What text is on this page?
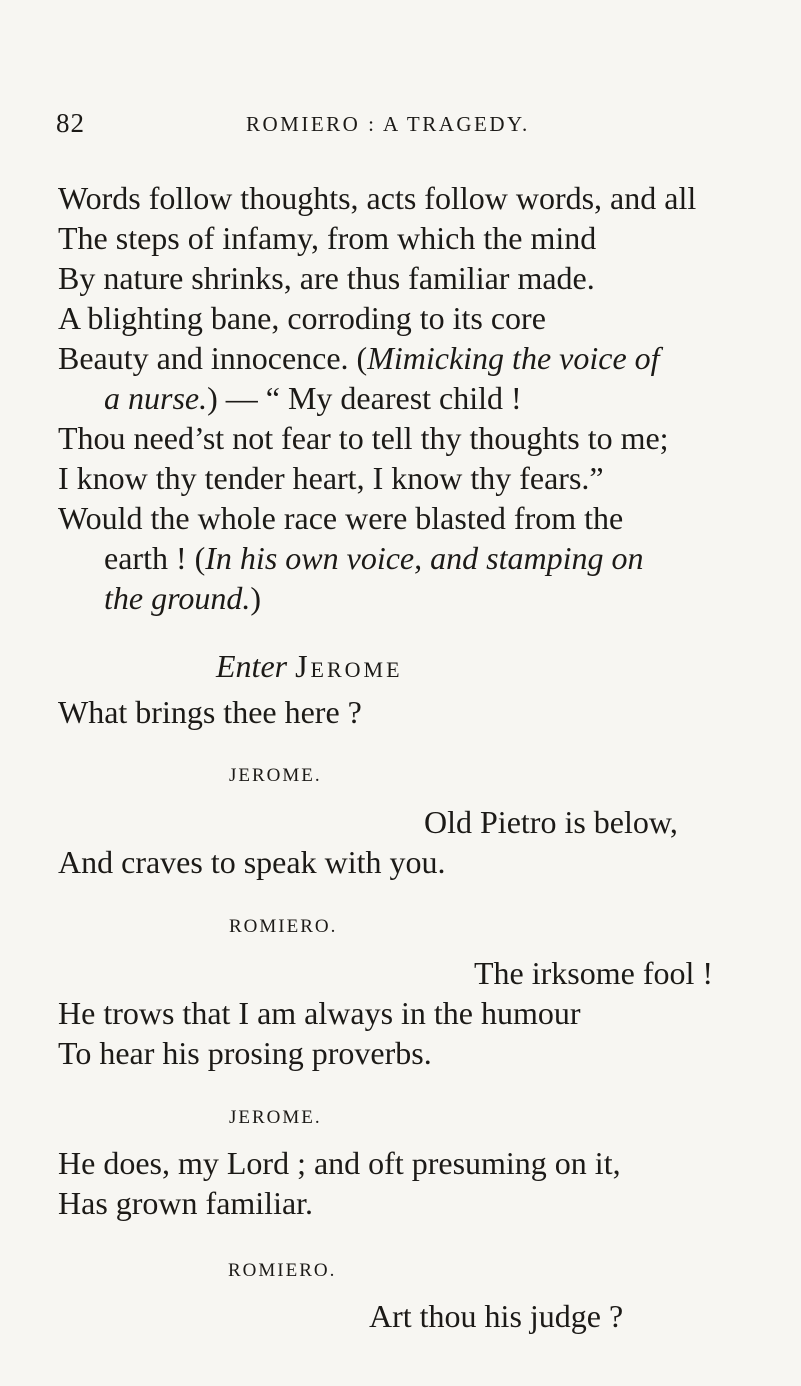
82	ROMIERO : A TRAGEDY.
Words follow thoughts, acts follow words, and all
The steps of infamy, from which the mind
By nature shrinks, are thus familiar made.
A blighting bane, corroding to its core
Beauty and innocence. (Mimicking the voice of
a nurse.) — “ My dearest child !
Thou need’st not fear to tell thy thoughts to me;
I know thy tender heart, I know thy fears.”
Would the whole race were blasted from the
earth ! (In his own voice, and stamping on
the ground.)
Enter Jerome
What brings thee here ?
JEROME.
Old Pietro is below,
And craves to speak with you.
ROMIERO.
The irksome fool !
He trows that I am always in the humour
To hear his prosing proverbs.
JEROME.
He does, my Lord ; and oft presuming on it,
Has grown familiar.
ROMIERO.
Art thou his judge ?
